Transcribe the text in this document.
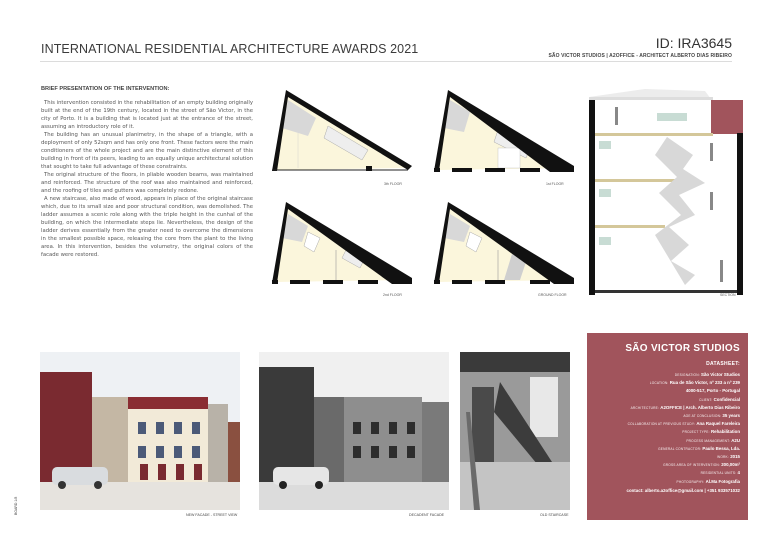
INTERNATIONAL RESIDENTIAL ARCHITECTURE AWARDS 2021	ID: IRA3645
SÃO VICTOR STUDIOS | A2OFFICE - ARCHITECT ALBERTO DIAS RIBEIRO
BRIEF PRESENTATION OF THE INTERVENTION:

This intervention consisted in the rehabilitation of an empty building originally built at the end of the 19th century, located in the street of São Victor, in the city of Porto. It is a building that is located just at the entrance of the street, assuming an introductory role of it.

The building has an unusual planimetry, in the shape of a triangle, with a deployment of only 52sqm and has only one front. These factors were the main conditioners of the whole project and are the main distinctive element of this building in front of its peers, leading to an equally unique architectural solution that sought to take full advantage of these constraints.

The original structure of the floors, in pliable wooden beams, was maintained and reinforced. The structure of the roof was also maintained and reinforced, and the roofing of tiles and gutters was completely redone.

A new staircase, also made of wood, appears in place of the original staircase which, due to its small size and poor structural condition, was demolished. The ladder assumes a scenic role along with the triple height in the cunhal of the building, on which the intermediate steps lie. Nevertheless, the design of the ladder derives essentially from the greater need to overcome the dimensions in the smallest possible space, releasing the core from the plant to the living area. In this intervention, besides the volumetry, the original colors of the facade were restored.

3th FLOOR	1st FLOOR
2nd FLOOR	GROUND FLOOR	SECTION
NEW FACADE - STREET VIEW	DECADENT FACADE	OLD STAIRCASE
BOARD 1/8
SÃO VICTOR STUDIOS
DATASHEET:
DESIGNATION: São Victor Studios
LOCATION: Rua de São Victor, nº 233 a nº 239
4000-517, Porto - Portugal
CLIENT: Confidencial
ARCHITECTURE: A2OFFICE | Arch. Alberto Dias Ribeiro
AGE AT CONCLUSION: 35 years
COLLABORATION AT PREVIOUS STUDY: Ana Raquel Fareleira
PROJECT TYPE: Rehabilitation
PROCESS MANAGEMENT: A2U
GENERAL CONTRACTOR: Paulo Bessa, Lda.
WORK: 2015
GROSS AREA OF INTERVENTION: 200,00m²
RESIDENTIAL UNITS: 4
PHOTOGRAPHY: Al.Ma Fotografia
contact: alberto.a2office@gmail.com | +351 933571032
